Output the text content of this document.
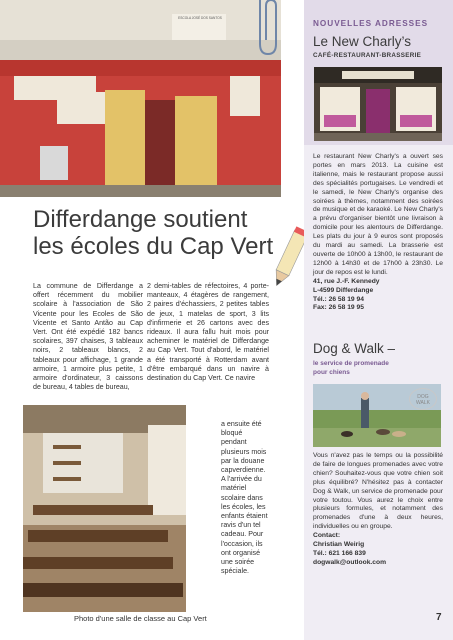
ESCOLA JOSÉ DOS SANTOS
Differdange soutient
les écoles du Cap Vert

La commune de Differdange a offert récemment du mobilier scolaire à l'association de São Vicente pour les Ecoles de São Vicente et Santo Antão au Cap Vert. Ont été expédié 182 bancs scolaires, 397 chaises, 3 tableaux noirs, 2 tableaux blancs, 2 tableaux pour affichage, 1 grande armoire, 1 armoire plus petite, 1 armoire d'ordinateur, 3 caissons de bureau, 4 tables de bureau,

2 demi-tables de réfectoires, 4 porte-manteaux, 4 étagères de rangement, 2 paires d'échassiers, 2 petites tables de jeux, 1 matelas de sport, 3 lits d'infirmerie et 26 cartons avec des rideaux. Il aura fallu huit mois pour acheminer le matériel de Differdange au Cap Vert. Tout d'abord, le matériel a été transporté à Rotterdam avant d'être embarqué dans un navire à destination du Cap Vert. Ce navire

a ensuite été bloqué pendant plusieurs mois par la douane capverdienne. A l'arrivée du matériel scolaire dans les écoles, les enfants étaient ravis d'un tel cadeau. Pour l'occasion, ils ont organisé une soirée spéciale.

Photo d'une salle de classe au Cap Vert
NOUVELLES ADRESSES
Le New Charly’s
CAFÉ-RESTAURANT-BRASSERIE
Le restaurant New Charly's a ouvert ses portes en mars 2013. La cuisine est italienne, mais le restaurant propose aussi des spécialités portugaises. Le vendredi et le samedi, le New Charly's organise des soirées à thèmes, notamment des soirées de musique et de karaoké. Le New Charly's a prévu d'organiser bientôt une livraison à domicile pour les alentours de Differdange. Les plats du jour à 9 euros sont proposés du mardi au samedi. La brasserie est ouverte de 10h00 à 13h00, le restaurant de 12h00 à 14h30 et de 17h00 à 23h30. Le jour de repos est le lundi.
41, rue J.-F. Kennedy
L-4599 Differdange
Tél.: 26 58 19 94
Fax: 26 58 19 95
Dog & Walk –
le service de promenade
pour chiens
DOG WALK
Vous n'avez pas le temps ou la possibilité de faire de longues promenades avec votre chien? Souhaitez-vous que votre chien soit plus équilibré? N'hésitez pas à contacter Dog & Walk, un service de promenade pour votre toutou. Vous aurez le choix entre plusieurs formules, et notamment des promenades d'une à deux heures, individuelles ou en groupe.
Contact:
Christian Weirig
Tél.: 621 166 839
dogwalk@outlook.com
7
